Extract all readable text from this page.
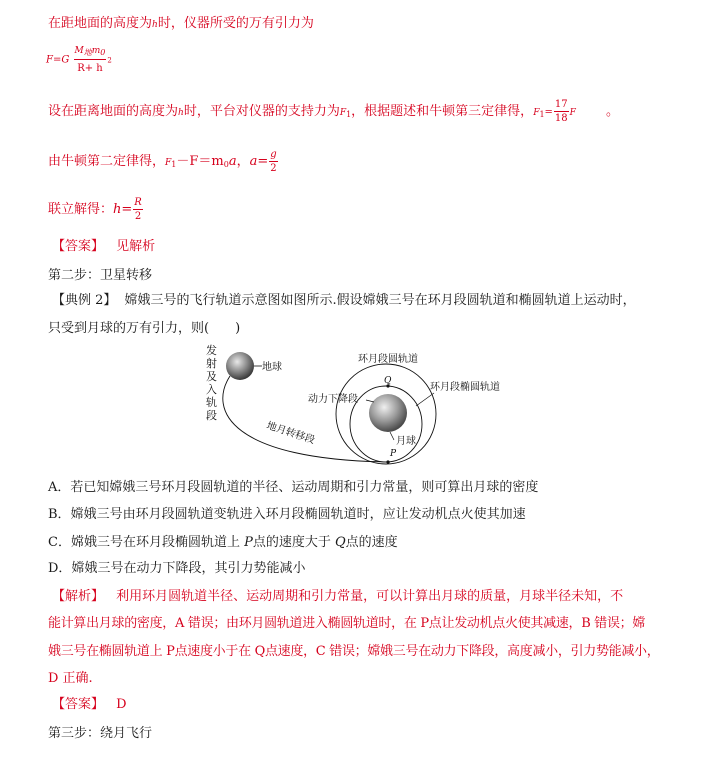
在距地面的高度为h时，仪器所受的万有引力为
$F=G \frac{\text{M地m0}}{R+ h} 2$
设在距离地面的高度为h时，平台对仪器的支持力为$F_1$，根据题述和牛顿第三定律得，$F_1= \frac{17}{18}$ F 。
由牛顿第二定律得，$F_1-F=m_0a$，$a= \frac{g}{2}$
联立解得：$h= \frac{R}{2}$
【答案】 见解析
第二步：卫星转移
【典例 2】 嫦娥三号的飞行轨道示意图如图所示.假设嫦娥三号在环月段圆轨道和椭圆轨道上运动时，
只受到月球的万有引力，则(　　)
发
射
及
入
轨
段
地球
地月转移段
环月段圆轨道
环月段椭圆轨道
动力下降段
月球
Q
P
A．若已知嫦娥三号环月段圆轨道的半径、运动周期和引力常量，则可算出月球的密度
B．嫦娥三号由环月段圆轨道变轨进入环月段椭圆轨道时，应让发动机点火使其加速
C．嫦娥三号在环月段椭圆轨道上 P点的速度大于 Q点的速度
D．嫦娥三号在动力下降段，其引力势能减小
【解析】 利用环月圆轨道半径、运动周期和引力常量，可以计算出月球的质量，月球半径未知，不
能计算出月球的密度，A 错误；由环月圆轨道进入椭圆轨道时，在 P点让发动机点火使其减速，B 错误；嫦
娥三号在椭圆轨道上 P点速度小于在 Q点速度，C 错误；嫦娥三号在动力下降段，高度减小，引力势能减小，
D 正确.
【答案】 D
第三步：绕月飞行
